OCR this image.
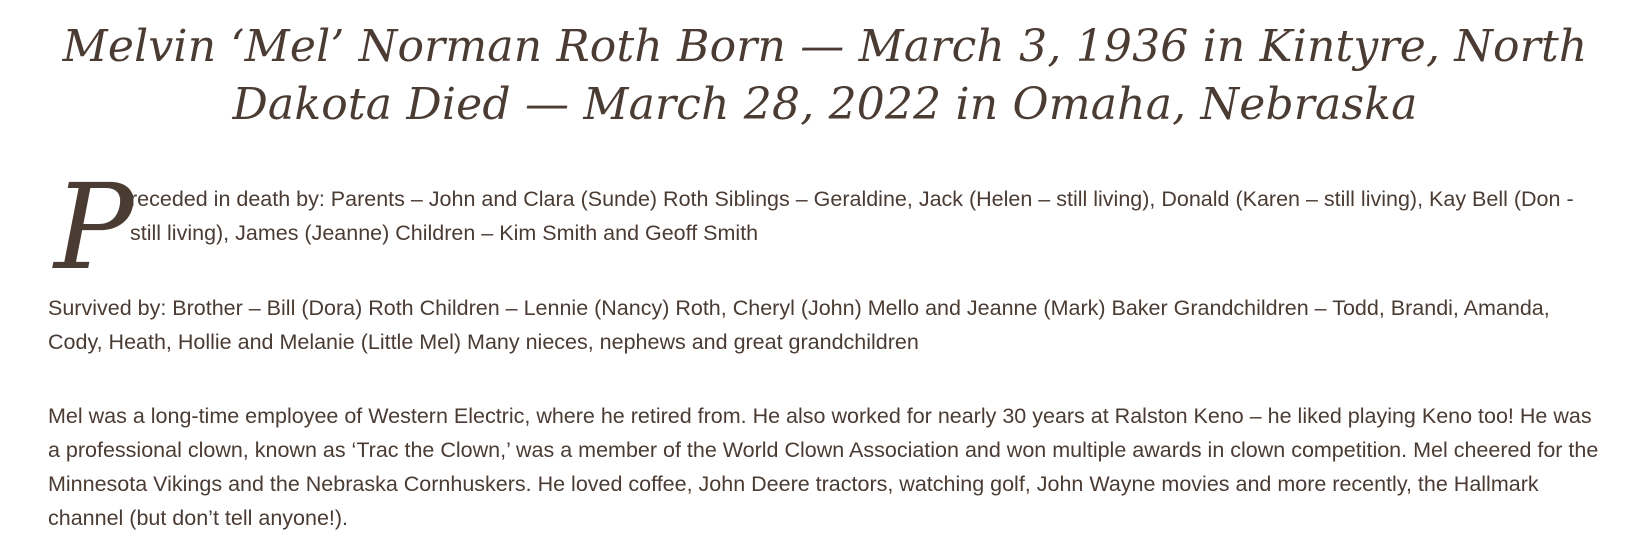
Melvin ‘Mel’ Norman Roth Born — March 3, 1936 in Kintyre, North Dakota Died — March 28, 2022 in Omaha, Nebraska
P

receded in death by: Parents – John and Clara (Sunde) Roth Siblings – Geraldine, Jack (Helen – still living), Donald (Karen – still living), Kay Bell (Don - still living), James (Jeanne) Children – Kim Smith and Geoff Smith

Survived by: Brother – Bill (Dora) Roth Children – Lennie (Nancy) Roth, Cheryl (John) Mello and Jeanne (Mark) Baker Grandchildren – Todd, Brandi, Amanda, Cody, Heath, Hollie and Melanie (Little Mel) Many nieces, nephews and great grandchildren

Mel was a long-time employee of Western Electric, where he retired from. He also worked for nearly 30 years at Ralston Keno – he liked playing Keno too! He was a professional clown, known as ‘Trac the Clown,’ was a member of the World Clown Association and won multiple awards in clown competition. Mel cheered for the Minnesota Vikings and the Nebraska Cornhuskers. He loved coffee, John Deere tractors, watching golf, John Wayne movies and more recently, the Hallmark channel (but don’t tell anyone!).
